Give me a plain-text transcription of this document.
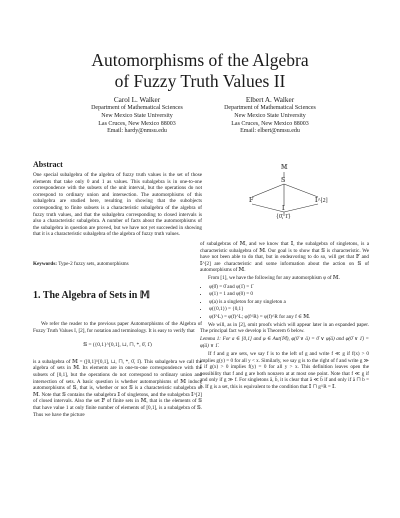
Automorphisms of the Algebra
of Fuzzy Truth Values II
Carol L. Walker
Department of Mathematical Sciences
New Mexico State University
Las Cruces, New Mexico 88003
Email: hardy@nmsu.edu
Elbert A. Walker
Department of Mathematical Sciences
New Mexico State University
Las Cruces, New Mexico 88003
Email: elbert@nmsu.edu
Abstract

One special subalgebra of the algebra of fuzzy truth values is the set of those elements that take only 0 and 1 as values. This subalgebra is in one-to-one correspondence with the subsets of the unit interval, but the operations do not correspond to ordinary union and intersection. The automorphisms of this subalgebra are studied here, resulting in showing that the subobjects corresponding to finite subsets is a characteristic subalgebra of the algebra of fuzzy truth values, and that the subalgebra corresponding to closed intervals is also a characteristic subalgebra. A number of facts about the automorphisms of the subalgebra in question are proved, but we have not yet succeeded in showing that it is a characteristic subalgebra of the algebra of fuzzy truth values.

Keywords: Type-2 fuzzy sets, automorphisms
1. The Algebra of Sets in 𝕄

We refer the reader to the previous paper Automorphisms of the Algebra of Fuzzy Truth Values I, [2], for notation and terminology. It is easy to verify that

𝕊 = ({0,1}^[0,1], ⊔, ⊓, *, 0̄, 1̄)

is a subalgebra of 𝕄 = ([0,1]^[0,1], ⊔, ⊓, *, 0̄, 1̄). This subalgebra we call the algebra of sets in 𝕄. Its elements are in one-to-one correspondence with the subsets of [0,1], but the operations do not correspond to ordinary union and intersection of sets. A basic question is whether automorphisms of 𝕄 induce automorphisms of 𝕊, that is, whether or not 𝕊 is a characteristic subalgebra of 𝕄. Note that 𝕊 contains the subalgebra 𝕀 of singletons, and the subalgebra 𝕀^[2] of closed intervals. Also the set 𝔽 of finite sets in 𝕄, that is the elements of 𝕊 that have value 1 at only finite number of elements of [0,1], is a subalgebra of 𝕊. Thus we have the picture

𝕄
𝕊
𝔽	𝕀^[2]
𝕀
{0̄, 1̄}

of subalgebras of 𝕄, and we know that 𝕀, the subalgebra of singletons, is a characteristic subalgebra of 𝕄. Our goal is to show that 𝕊 is characteristic. We have not been able to do that, but in endeavoring to do so, will get that 𝔽 and 𝕀^[2] are characteristic and some information about the action on 𝕊 of automorphisms of 𝕄.

From [1], we have the following for any automorphism φ of 𝕄.

• φ(0̄) = 0̄ and φ(1̄) = 1̄
• φ(1) = 1 and φ(0) = 0
• φ(a) is a singleton for any singleton a
• φ({0,1}) = {0,1}
• φ(f^L) = φ(f)^L; φ(f^R) = φ(f)^R for any f ∈ 𝕄.

We will, as in [2], omit proofs which will appear later in an expanded paper. The principal fact we develop is Theorem 6 below.

Lemma 1: For a ∈ [0,1] and φ ∈ Aut(𝕄), φ(0̄ ∨ ā) = 0̄ ∨ φ(ā) and φ(0̄ ∨ 1̄) = φ(ā) ∨ 1̄.

If f and g are sets, we say f is to the left of g and write f ≪ g if f(x) > 0 implies g(y) = 0 for all y < x. Similarly, we say g is to the right of f and write g ≫ f if g(x) > 0 implies f(y) = 0 for all y > x. This definition leaves open the possibility that f and g are both nonzero at at most one point. Note that f ≪ g if and only if g ≫ f. For singletons ā, b̄, it is clear that ā ≪ b̄ if and only if ā ⊓ b̄ = b̄. If g is a set, this is equivalent to the condition that 𝕀 ⊓ g^R = 𝕀.
